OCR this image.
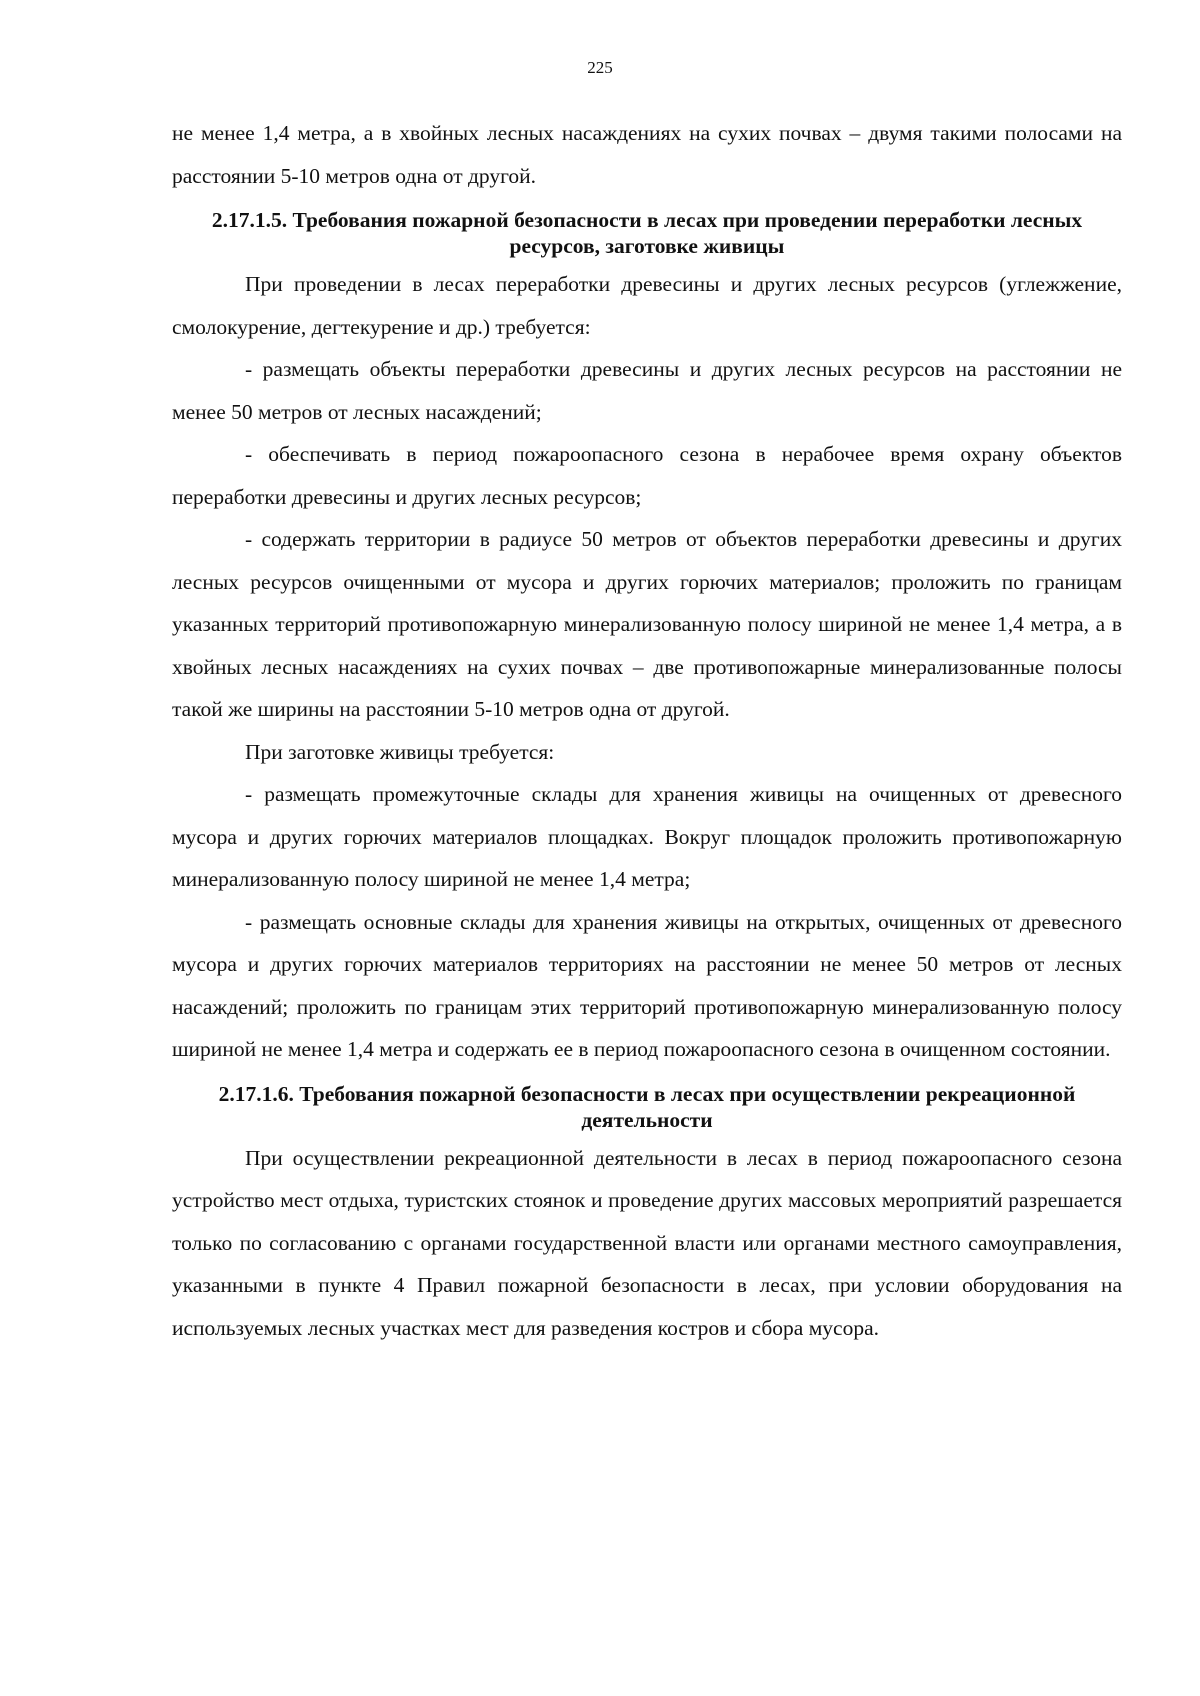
225

не менее 1,4 метра, а в хвойных лесных насаждениях на сухих почвах – двумя такими полосами на расстоянии 5-10 метров одна от другой.

2.17.1.5. Требования пожарной безопасности в лесах при проведении переработки лесных ресурсов, заготовке живицы

При проведении в лесах переработки древесины и других лесных ресурсов (углежжение, смолокурение, дегтекурение и др.) требуется:

- размещать объекты переработки древесины и других лесных ресурсов на расстоянии не менее 50 метров от лесных насаждений;

- обеспечивать в период пожароопасного сезона в нерабочее время охрану объектов переработки древесины и других лесных ресурсов;

- содержать территории в радиусе 50 метров от объектов переработки древесины и других лесных ресурсов очищенными от мусора и других горючих материалов; проложить по границам указанных территорий противопожарную минерализованную полосу шириной не менее 1,4 метра, а в хвойных лесных насаждениях на сухих почвах – две противопожарные минерализованные полосы такой же ширины на расстоянии 5-10 метров одна от другой.

При заготовке живицы требуется:

- размещать промежуточные склады для хранения живицы на очищенных от древесного мусора и других горючих материалов площадках. Вокруг площадок проложить противопожарную минерализованную полосу шириной не менее 1,4 метра;

- размещать основные склады для хранения живицы на открытых, очищенных от древесного мусора и других горючих материалов территориях на расстоянии не менее 50 метров от лесных насаждений; проложить по границам этих территорий противопожарную минерализованную полосу шириной не менее 1,4 метра и содержать ее в период пожароопасного сезона в очищенном состоянии.

2.17.1.6. Требования пожарной безопасности в лесах при осуществлении рекреационной деятельности

При осуществлении рекреационной деятельности в лесах в период пожароопасного сезона устройство мест отдыха, туристских стоянок и проведение других массовых мероприятий разрешается только по согласованию с органами государственной власти или органами местного самоуправления, указанными в пункте 4 Правил пожарной безопасности в лесах, при условии оборудования на используемых лесных участках мест для разведения костров и сбора мусора.
